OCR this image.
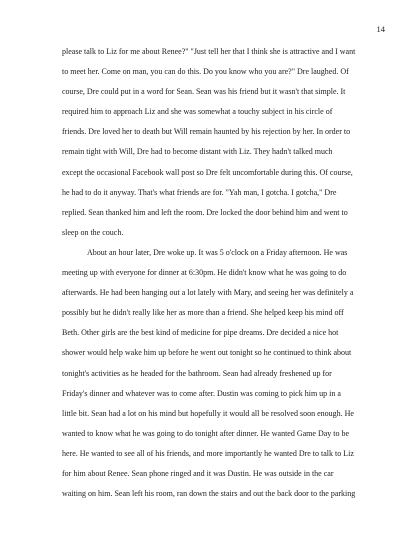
14
please talk to Liz for me about Renee?" "Just tell her that I think she is attractive and I want
to meet her. Come on man, you can do this. Do you know who you are?" Dre laughed. Of
course, Dre could put in a word for Sean. Sean was his friend but it wasn't that simple. It
required him to approach Liz and she was somewhat a touchy subject in his circle of
friends. Dre loved her to death but Will remain haunted by his rejection by her. In order to
remain tight with Will, Dre had to become distant with Liz. They hadn't talked much
except the occasional Facebook wall post so Dre felt uncomfortable during this. Of course,
he had to do it anyway. That's what friends are for. "Yah man, I gotcha. I gotcha," Dre
replied. Sean thanked him and left the room. Dre locked the door behind him and went to
sleep on the couch.
About an hour later, Dre woke up. It was 5 o'clock on a Friday afternoon. He was
meeting up with everyone for dinner at 6:30pm. He didn't know what he was going to do
afterwards. He had been hanging out a lot lately with Mary, and seeing her was definitely a
possibly but he didn't really like her as more than a friend. She helped keep his mind off
Beth. Other girls are the best kind of medicine for pipe dreams. Dre decided a nice hot
shower would help wake him up before he went out tonight so he continued to think about
tonight's activities as he headed for the bathroom. Sean had already freshened up for
Friday's dinner and whatever was to come after. Dustin was coming to pick him up in a
little bit. Sean had a lot on his mind but hopefully it would all be resolved soon enough. He
wanted to know what he was going to do tonight after dinner. He wanted Game Day to be
here. He wanted to see all of his friends, and more importantly he wanted Dre to talk to Liz
for him about Renee. Sean phone ringed and it was Dustin. He was outside in the car
waiting on him. Sean left his room, ran down the stairs and out the back door to the parking
